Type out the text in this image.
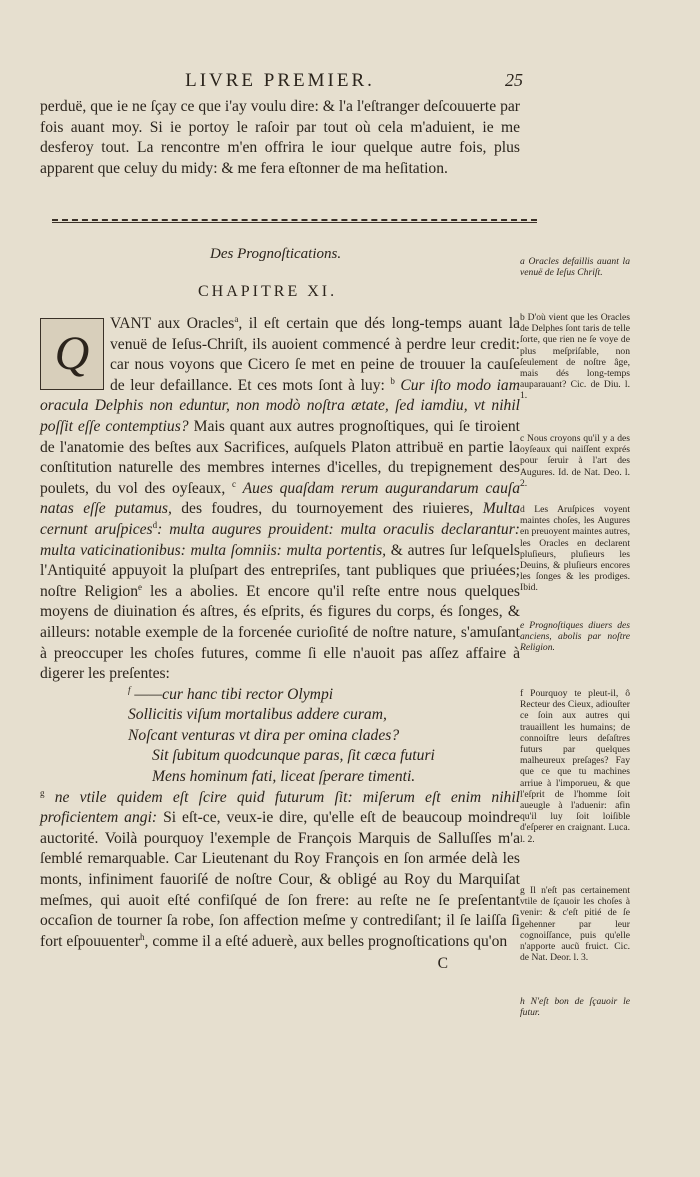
LIVRE PREMIER.	25

perduë, que ie ne ſçay ce que i'ay voulu dire: & l'a l'eſtranger deſcouuerte par fois auant moy. Si ie portoy le raſoir par tout où cela m'aduient, ie me desferoy tout. La rencontre m'en offrira le iour quelque autre fois, plus apparent que celuy du midy: & me fera eſtonner de ma heſitation.

Des Prognoſtications.
CHAPITRE XI.
Q
VANT aux Oracles$^a$, il eſt certain que dés long-temps auant la venuë de Ieſus-Chriſt, ils auoient commencé à perdre leur credit: car nous voyons que Cicero ſe met en peine de trouuer la cauſe de leur defaillance. Et ces mots ſont à luy: $^b$ Cur iſto modo iam oracula Delphis non eduntur, non modò noſtra ætate, ſed iamdiu, vt nihil poſſit eſſe contemptius? Mais quant aux autres prognoſtiques, qui ſe tiroient de l'anatomie des beſtes aux Sacrifices, auſquels Platon attribuë en partie la conſtitution naturelle des membres internes d'icelles, du trepignement des poulets, du vol des oyſeaux, $^c$ Aues quaſdam rerum augurandarum cauſa natas eſſe putamus, des foudres, du tournoyement des riuieres, Multa cernunt aruſpices$^d$: multa augures prouident: multa oraculis declarantur: multa vaticinationibus: multa ſomniis: multa portentis, & autres ſur leſquels l'Antiquité appuyoit la pluſpart des entrepriſes, tant publiques que priuées; noſtre Religion$^e$ les a abolies. Et encore qu'il reſte entre nous quelques moyens de diuination és aſtres, és eſprits, és figures du corps, és ſonges, & ailleurs: notable exemple de la forcenée curioſité de noſtre nature, s'amuſant à preoccuper les choſes futures, comme ſi elle n'auoit pas aſſez affaire à digerer les preſentes:
$^f$ ——cur hanc tibi rector Olympi
Sollicitis viſum mortalibus addere curam,
Noſcant venturas vt dira per omina clades?
Sit ſubitum quodcunque paras, ſit cæca futuri
Mens hominum fati, liceat ſperare timenti.
$^g$ ne vtile quidem eſt ſcire quid futurum ſit: miſerum eſt enim nihil proficientem angi: Si eſt-ce, veux-ie dire, qu'elle eſt de beaucoup moindre auctorité. Voilà pourquoy l'exemple de François Marquis de Salluſſes m'a ſemblé remarquable. Car Lieutenant du Roy François en ſon armée delà les monts, infiniment fauoriſé de noſtre Cour, & obligé au Roy du Marquiſat meſmes, qui auoit eſté confiſqué de ſon frere: au reſte ne ſe preſentant occaſion de tourner ſa robe, ſon affection meſme y contrediſant; il ſe laiſſa ſi fort eſpouuenter$^h$, comme il a eſté aduerè, aux belles prognoſtications qu'on
C
a Oracles defaillis auant la venuë de Ieſus Chriſt.
b D'où vient que les Oracles de Delphes ſont taris de telle ſorte, que rien ne ſe voye de plus meſpriſable, non ſeulement de noſtre âge, mais dés long-temps auparauant? Cic. de Diu. l. 1.
c Nous croyons qu'il y a des oyſeaux qui naiſſent exprés pour ſeruir à l'art des Augures. Id. de Nat. Deo. l. 2.
d Les Aruſpices voyent maintes choſes, les Augures en preuoyent maintes autres, les Oracles en declarent pluſieurs, pluſieurs les Deuins, & pluſieurs encores les ſonges & les prodiges. Ibid.
e Prognoſtiques diuers des anciens, abolis par noſtre Religion.
f Pourquoy te pleut-il, ô Recteur des Cieux, adiouſter ce ſoin aux autres qui trauaillent les humains; de connoiſtre leurs deſaſtres futurs par quelques malheureux preſages? Fay que ce que tu machines arriue à l'imporueu, & que l'eſprit de l'homme ſoit aueugle à l'aduenir: afin qu'il luy ſoit loiſible d'eſperer en craignant. Luca. l. 2.
g Il n'eſt pas certainement vtile de ſçauoir les choſes à venir: & c'eſt pitié de ſe gehenner par leur cognoiſſance, puis qu'elle n'apporte aucũ fruict. Cic. de Nat. Deor. l. 3.
h N'eſt bon de ſçauoir le futur.
